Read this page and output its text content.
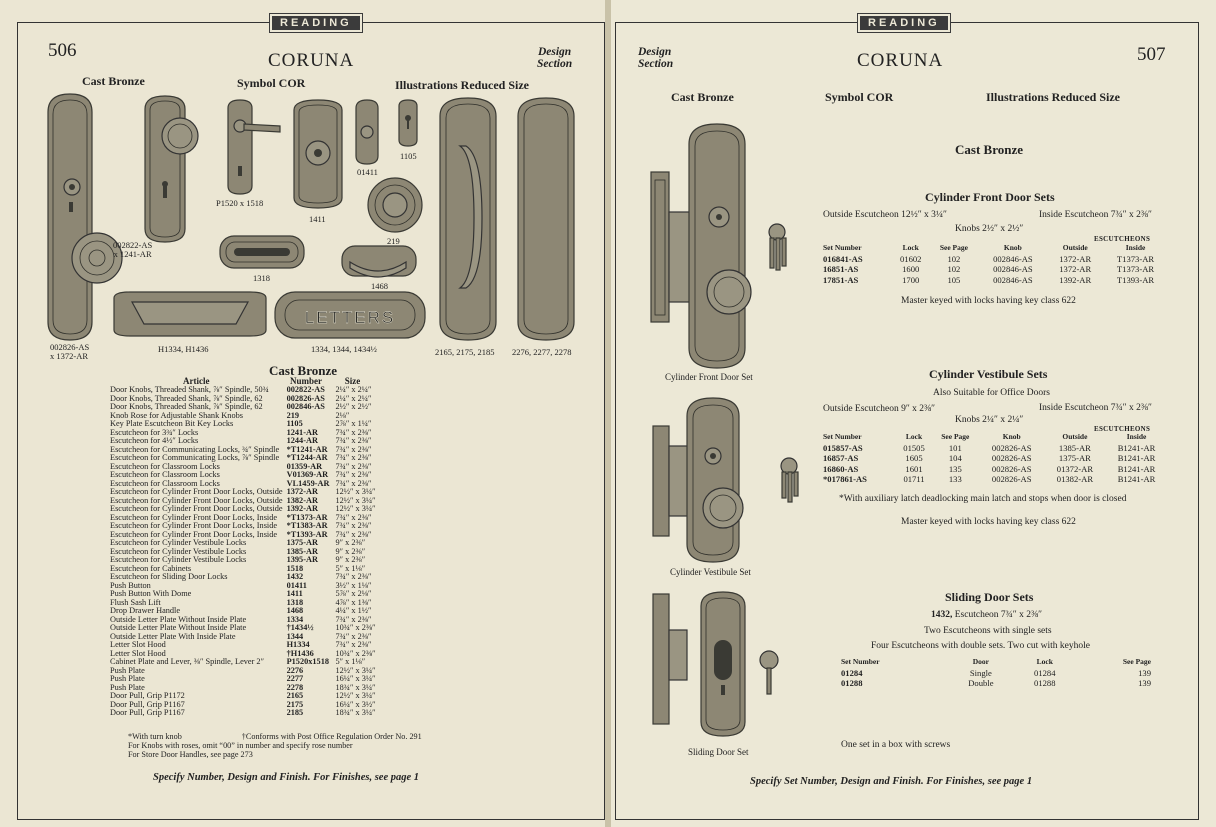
READING
506	CORUNA	Design
Section
Cast Bronze	Symbol COR	Illustrations Reduced Size
LETTERS
002822-AS
x 1241-AR
P1520 x 1518
1411
01411
1105
219
1318
1468
002826-AS
x 1372-AR
H1334, H1436	1334, 1344, 1434½	2165, 2175, 2185 2276, 2277, 2278
Cast Bronze
Article	Number	Size
Door Knobs, Threaded Shank, ⅞″ Spindle, 50¾	002822-AS	2¼″ x 2¼″
Door Knobs, Threaded Shank, ⅞″ Spindle, 62	002826-AS	2¼″ x 2¼″
Door Knobs, Threaded Shank, ⅞″ Spindle, 62	002846-AS	2½″ x 2½″
Knob Rose for Adjustable Shank Knobs	219	2⅛″
Key Plate Escutcheon Bit Key Locks	1105	2⅞″ x 1¼″
Escutcheon for 3¾″ Locks	1241-AR	7¾″ x 2⅜″
Escutcheon for 4½″ Locks	1244-AR	7¾″ x 2⅜″
Escutcheon for Communicating Locks, ¾″ Spindle	*T1241-AR	7¾″ x 2⅜″
Escutcheon for Communicating Locks, ⅞″ Spindle	*T1244-AR	7¾″ x 2⅜″
Escutcheon for Classroom Locks	01359-AR	7¾″ x 2⅜″
Escutcheon for Classroom Locks	V01369-AR	7¾″ x 2⅜″
Escutcheon for Classroom Locks	VL1459-AR	7¾″ x 2⅜″
Escutcheon for Cylinder Front Door Locks, Outside	1372-AR	12½″ x 3¼″
Escutcheon for Cylinder Front Door Locks, Outside	1382-AR	12½″ x 3¼″
Escutcheon for Cylinder Front Door Locks, Outside	1392-AR	12½″ x 3¼″
Escutcheon for Cylinder Front Door Locks, Inside	*T1373-AR	7¾″ x 2⅜″
Escutcheon for Cylinder Front Door Locks, Inside	*T1383-AR	7¾″ x 2⅜″
Escutcheon for Cylinder Front Door Locks, Inside	*T1393-AR	7¾″ x 2⅜″
Escutcheon for Cylinder Vestibule Locks	1375-AR	9″ x 2⅜″
Escutcheon for Cylinder Vestibule Locks	1385-AR	9″ x 2⅜″
Escutcheon for Cylinder Vestibule Locks	1395-AR	9″ x 2⅜″
Escutcheon for Cabinets	1518	5″ x 1⅛″
Escutcheon for Sliding Door Locks	1432	7¾″ x 2⅜″
Push Button	01411	3½″ x 1⅛″
Push Button With Dome	1411	5⅞″ x 2⅛″
Flush Sash Lift	1318	4⅞″ x 1⅜″
Drop Drawer Handle	1468	4¼″ x 1½″
Outside Letter Plate Without Inside Plate	1334	7¾″ x 2⅜″
Outside Letter Plate Without Inside Plate	†1434½	10¾″ x 2⅜″
Outside Letter Plate With Inside Plate	1344	7¾″ x 2⅜″
Letter Slot Hood	H1334	7¾″ x 2⅜″
Letter Slot Hood	†H1436	10¾″ x 2⅜″
Cabinet Plate and Lever, ⅜″ Spindle, Lever 2″	P1520x1518	5″ x 1⅛″
Push Plate	2276	12½″ x 3¼″
Push Plate	2277	16¼″ x 3¼″
Push Plate	2278	18¾″ x 3¼″
Door Pull, Grip P1172	2165	12½″ x 3¼″
Door Pull, Grip P1167	2175	16¼″ x 3½″
Door Pull, Grip P1167	2185	18¾″ x 3¼″
*With turn knob	†Conforms with Post Office Regulation Order No. 291
For Knobs with roses, omit “00” in number and specify rose number
For Store Door Handles, see page 273
Specify Number, Design and Finish. For Finishes, see page 1
READING
Design
Section	CORUNA	507
Cast Bronze	Symbol COR	Illustrations Reduced Size
Cast Bronze
Cylinder Front Door Set
Cylinder Vestibule Set
Sliding Door Set
Cylinder Front Door Sets
Outside Escutcheon 12½″ x 3¼″	Inside Escutcheon 7¾″ x 2⅜″
Knobs 2½″ x 2½″
ESCUTCHEONS
Set Number	Lock	See Page	Knob	Outside	Inside
016841-AS	01602	102	002846-AS	1372-AR	T1373-AR
16851-AS	1600	102	002846-AS	1372-AR	T1373-AR
17851-AS	1700	105	002846-AS	1392-AR	T1393-AR
Master keyed with locks having key class 622
Cylinder Vestibule Sets
Also Suitable for Office Doors
Outside Escutcheon 9″ x 2⅜″	Inside Escutcheon 7¾″ x 2⅜″
Knobs 2¼″ x 2¼″
ESCUTCHEONS
Set Number	Lock	See Page	Knob	Outside	Inside
015857-AS	01505	101	002826-AS	1385-AR	B1241-AR
16857-AS	1605	104	002826-AS	1375-AR	B1241-AR
16860-AS	1601	135	002826-AS	01372-AR	B1241-AR
*017861-AS	01711	133	002826-AS	01382-AR	B1241-AR
*With auxiliary latch deadlocking main latch and stops when door is closed
Master keyed with locks having key class 622
Sliding Door Sets
1432, Escutcheon 7¾″ x 2⅜″
Two Escutcheons with single sets
Four Escutcheons with double sets. Two cut with keyhole
Set Number	Door	Lock	See Page
01284	Single	01284	139
01288	Double	01288	139
One set in a box with screws
Specify Set Number, Design and Finish. For Finishes, see page 1
